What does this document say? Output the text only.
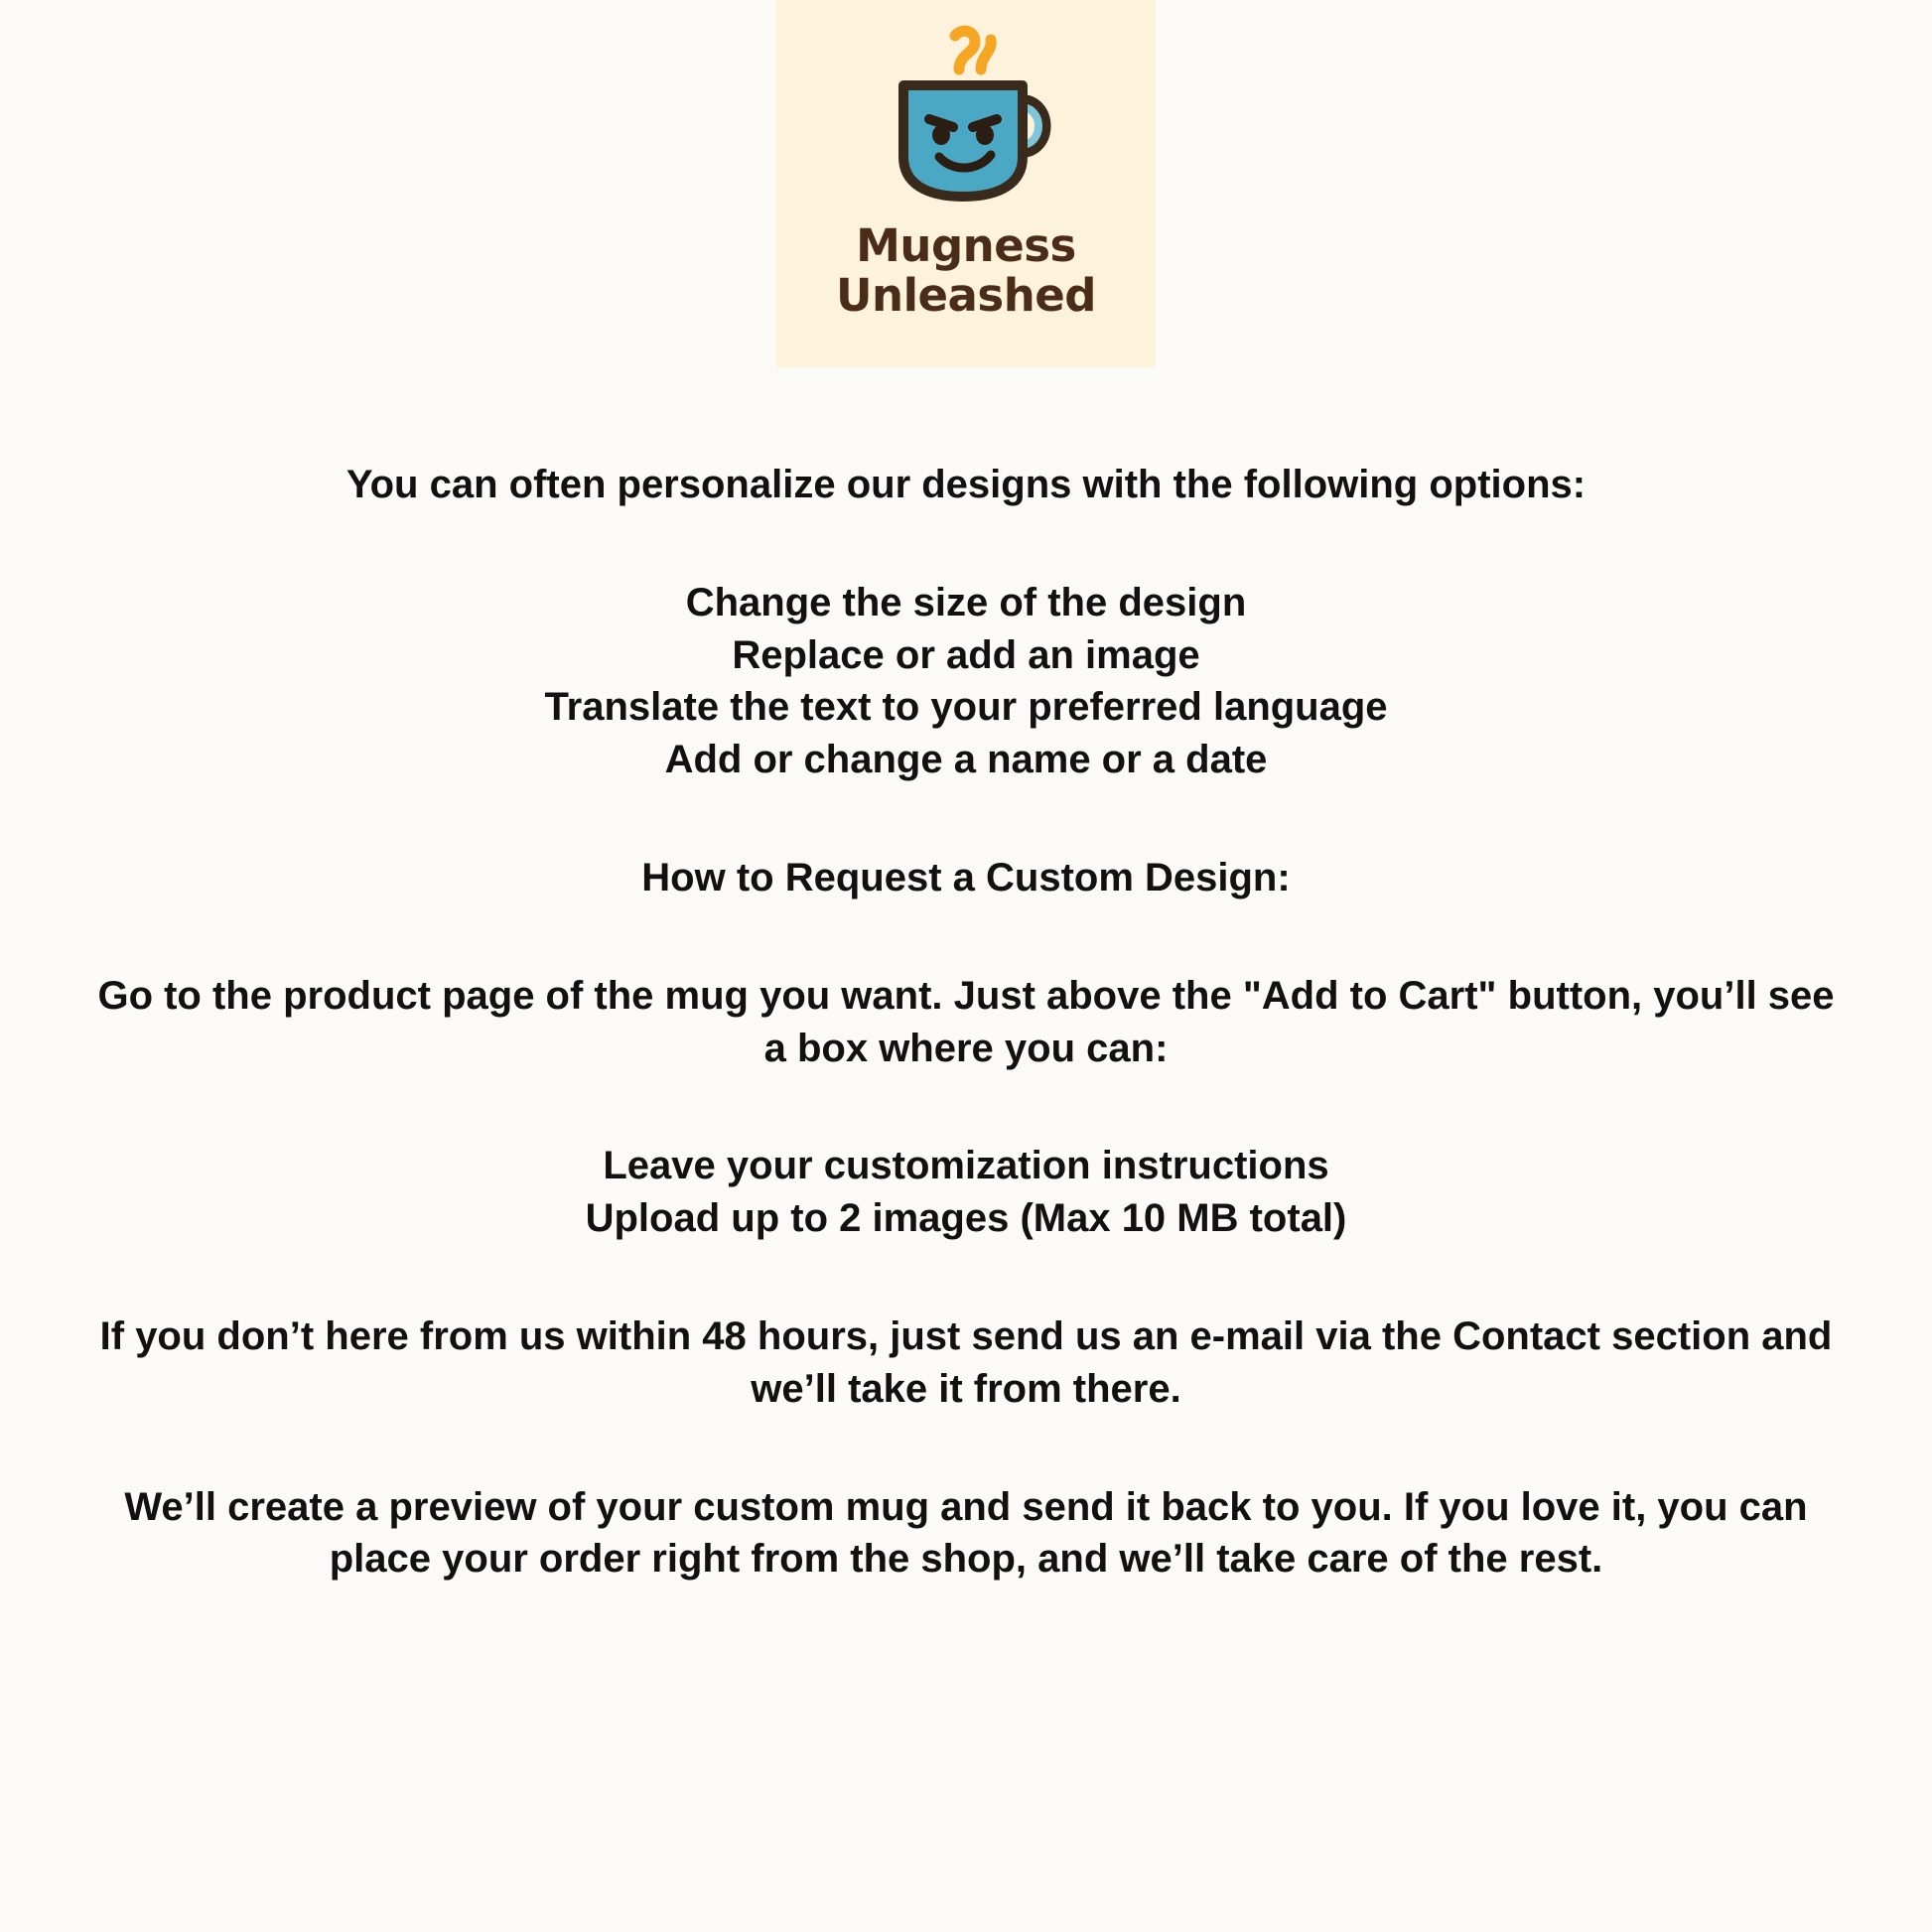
Mugness
Unleashed

You can often personalize our designs with the following options:

Change the size of the design

Replace or add an image

Translate the text to your preferred language

Add or change a name or a date

How to Request a Custom Design:

Go to the product page of the mug you want. Just above the "Add to Cart" button, you’ll see a box where you can:

Leave your customization instructions

Upload up to 2 images (Max 10 MB total)

If you don’t here from us within 48 hours, just send us an e-mail via the Contact section and we’ll take it from there.

We’ll create a preview of your custom mug and send it back to you. If you love it, you can place your order right from the shop, and we’ll take care of the rest.
